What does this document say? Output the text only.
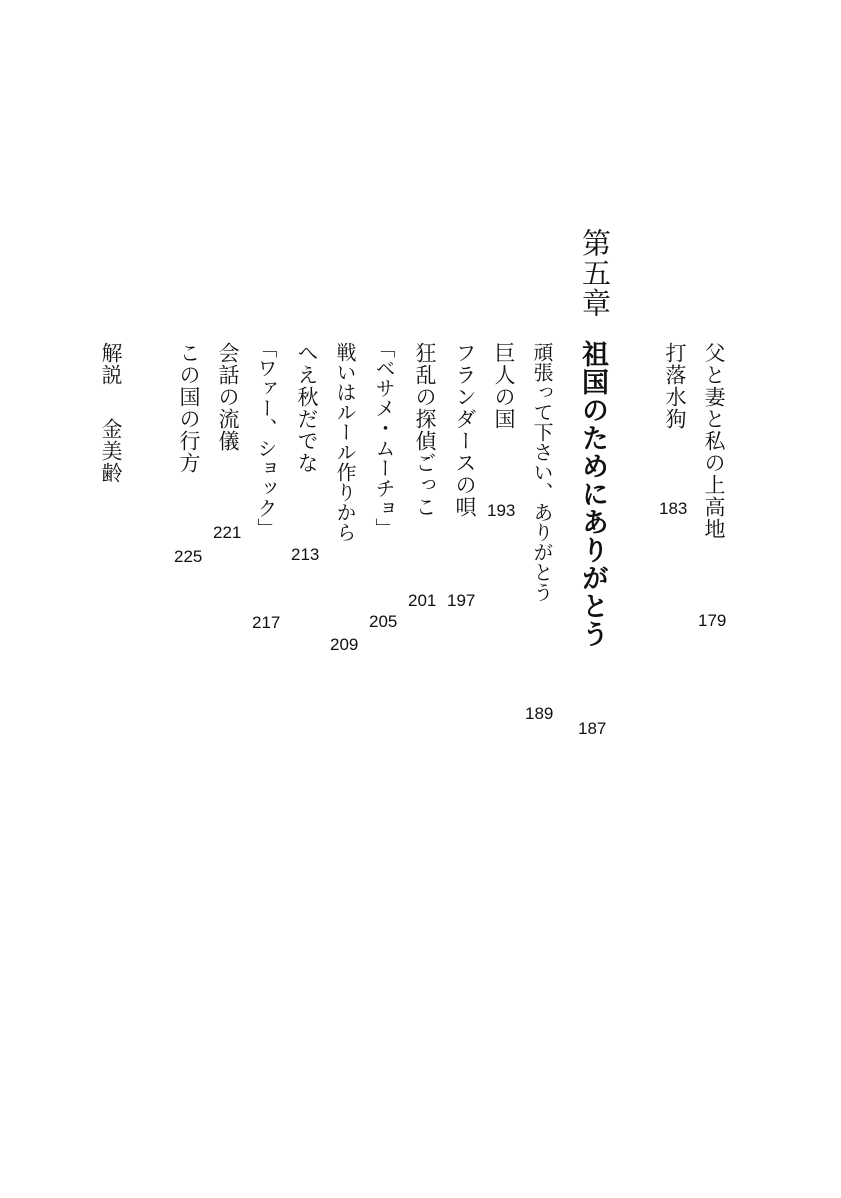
父と妻と私の上高地
179
打落水狗
183
第五章
祖国のためにありがとう
187
頑張って下さい、ありがとう
189
巨人の国
193
フランダースの唄
197
狂乱の探偵ごっこ
201
「ベサメ・ムーチョ」
205
戦いはルール作りから
209
へえ秋だでな
213
「ワァー、ショック」
217
会話の流儀
221
この国の行方
225
解説
金美齢
